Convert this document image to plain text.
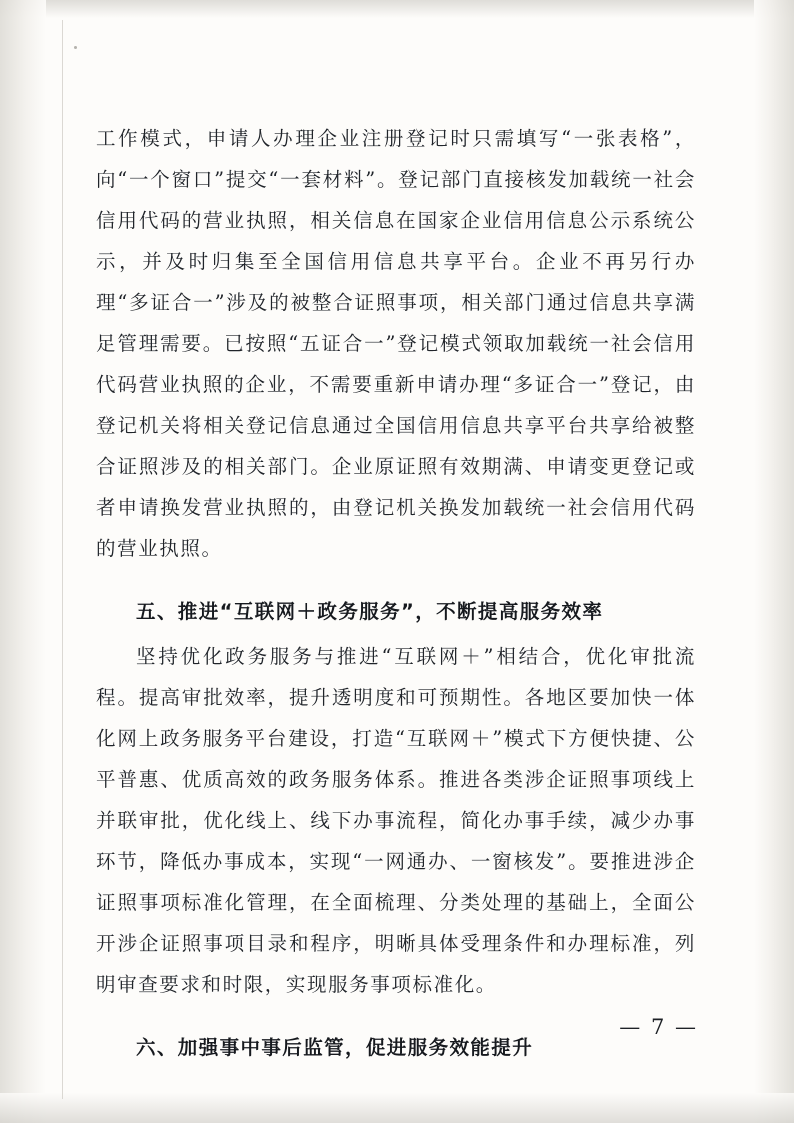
工作模式，申请人办理企业注册登记时只需填写“一张表格”，向“一个窗口”提交“一套材料”。登记部门直接核发加载统一社会信用代码的营业执照，相关信息在国家企业信用信息公示系统公示，并及时归集至全国信用信息共享平台。企业不再另行办理“多证合一”涉及的被整合证照事项，相关部门通过信息共享满足管理需要。已按照“五证合一”登记模式领取加载统一社会信用代码营业执照的企业，不需要重新申请办理“多证合一”登记，由登记机关将相关登记信息通过全国信用信息共享平台共享给被整合证照涉及的相关部门。企业原证照有效期满、申请变更登记或者申请换发营业执照的，由登记机关换发加载统一社会信用代码的营业执照。

五、推进“互联网＋政务服务”，不断提高服务效率

坚持优化政务服务与推进“互联网＋”相结合，优化审批流程。提高审批效率，提升透明度和可预期性。各地区要加快一体化网上政务服务平台建设，打造“互联网＋”模式下方便快捷、公平普惠、优质高效的政务服务体系。推进各类涉企证照事项线上并联审批，优化线上、线下办事流程，简化办事手续，减少办事环节，降低办事成本，实现“一网通办、一窗核发”。要推进涉企证照事项标准化管理，在全面梳理、分类处理的基础上，全面公开涉企证照事项目录和程序，明晰具体受理条件和办理标准，列明审查要求和时限，实现服务事项标准化。

六、加强事中事后监管，促进服务效能提升
— 7 —
